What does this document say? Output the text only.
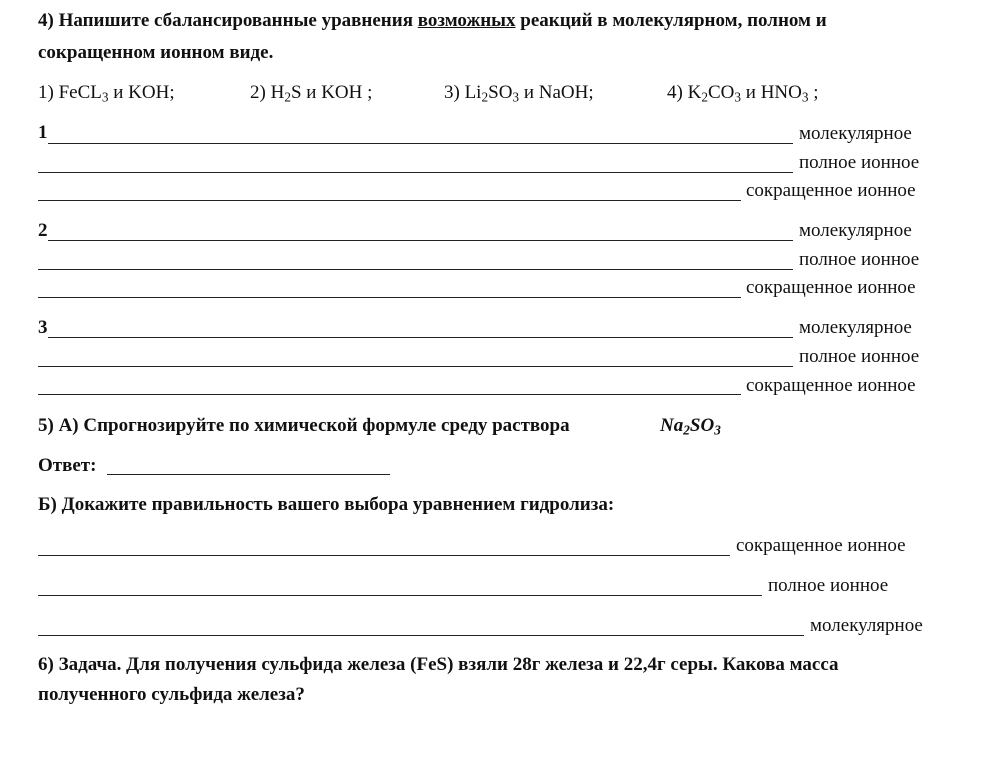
4) Напишите сбалансированные уравнения возможных реакций в молекулярном, полном и
сокращенном ионном виде.
1) FeCL$_3$ и KOH;	2) $H_2S$ и KOH ;	3) $Li_2SO_3$ и NaOH;	4) $K_2CO_3$ и $HNO_3$ ;
1	молекулярное
полное ионное
сокращенное ионное
2	молекулярное
полное ионное
сокращенное ионное
3	молекулярное
полное ионное
сокращенное ионное
5) А) Спрогнозируйте по химической формуле среду раствора	$Na_2SO_3$
Ответ:
Б) Докажите правильность вашего выбора уравнением гидролиза:
сокращенное ионное
полное ионное
молекулярное
6) Задача. Для получения сульфида железа (FeS) взяли 28г железа и 22,4г серы. Какова масса
полученного сульфида железа?
